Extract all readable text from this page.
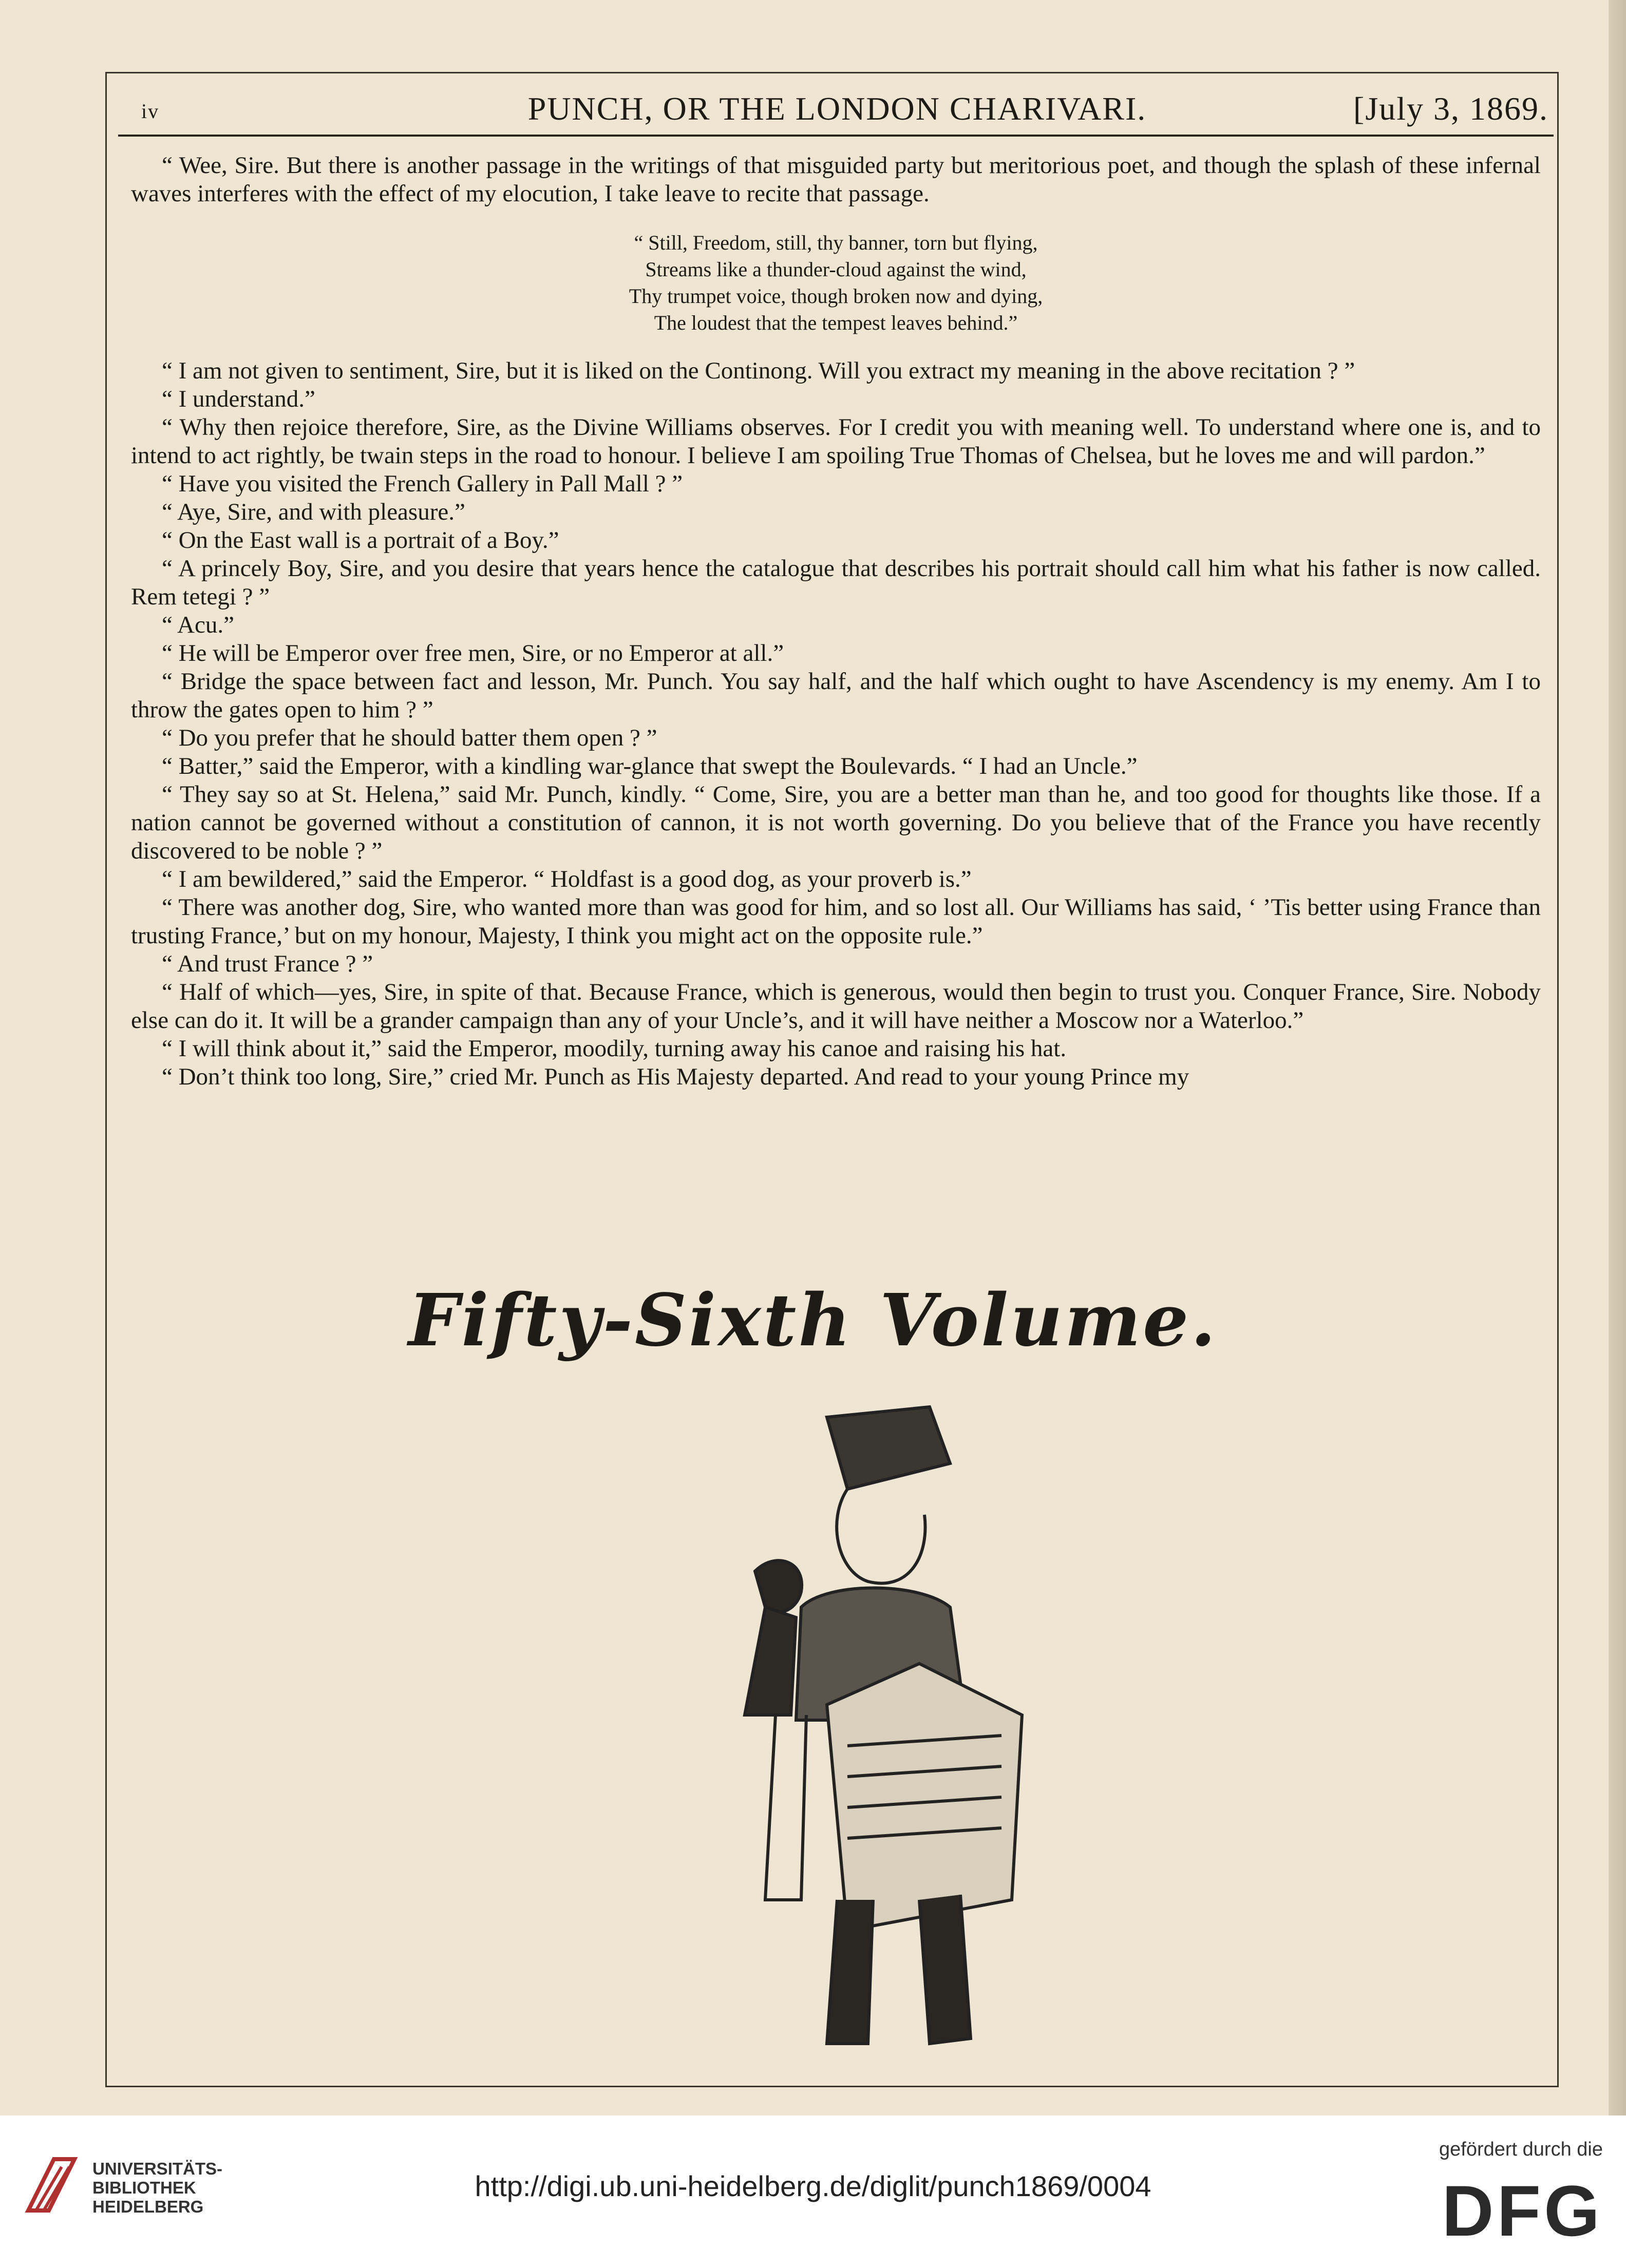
iv	PUNCH, OR THE LONDON CHARIVARI.	[July 3, 1869.

“ Wee, Sire. But there is another passage in the writings of that misguided party but meritorious poet, and though the splash of these infernal waves interferes with the effect of my elocution, I take leave to recite that passage.

“ Still, Freedom, still, thy banner, torn but flying,
Streams like a thunder-cloud against the wind,
Thy trumpet voice, though broken now and dying,
The loudest that the tempest leaves behind.”

“ I am not given to sentiment, Sire, but it is liked on the Continong. Will you extract my meaning in the above recitation ? ”

“ I understand.”

“ Why then rejoice therefore, Sire, as the Divine Williams observes. For I credit you with meaning well. To understand where one is, and to intend to act rightly, be twain steps in the road to honour. I believe I am spoiling True Thomas of Chelsea, but he loves me and will pardon.”

“ Have you visited the French Gallery in Pall Mall ? ”

“ Aye, Sire, and with pleasure.”

“ On the East wall is a portrait of a Boy.”

“ A princely Boy, Sire, and you desire that years hence the catalogue that describes his portrait should call him what his father is now called. Rem tetegi ? ”

“ Acu.”

“ He will be Emperor over free men, Sire, or no Emperor at all.”

“ Bridge the space between fact and lesson, Mr. Punch. You say half, and the half which ought to have Ascendency is my enemy. Am I to throw the gates open to him ? ”

“ Do you prefer that he should batter them open ? ”

“ Batter,” said the Emperor, with a kindling war-glance that swept the Boulevards. “ I had an Uncle.”

“ They say so at St. Helena,” said Mr. Punch, kindly. “ Come, Sire, you are a better man than he, and too good for thoughts like those. If a nation cannot be governed without a constitution of cannon, it is not worth governing. Do you believe that of the France you have recently discovered to be noble ? ”

“ I am bewildered,” said the Emperor. “ Holdfast is a good dog, as your proverb is.”

“ There was another dog, Sire, who wanted more than was good for him, and so lost all. Our Williams has said, ‘ ’Tis better using France than trusting France,’ but on my honour, Majesty, I think you might act on the opposite rule.”

“ And trust France ? ”

“ Half of which—yes, Sire, in spite of that. Because France, which is generous, would then begin to trust you. Conquer France, Sire. Nobody else can do it. It will be a grander campaign than any of your Uncle’s, and it will have neither a Moscow nor a Waterloo.”

“ I will think about it,” said the Emperor, moodily, turning away his canoe and raising his hat.

“ Don’t think too long, Sire,” cried Mr. Punch as His Majesty departed. And read to your young Prince my

Fifty-Sixth Volume.
UNIVERSITÄTS-
BIBLIOTHEK
HEIDELBERG
http://digi.ub.uni-heidelberg.de/diglit/punch1869/0004
gefördert durch die
DFG
